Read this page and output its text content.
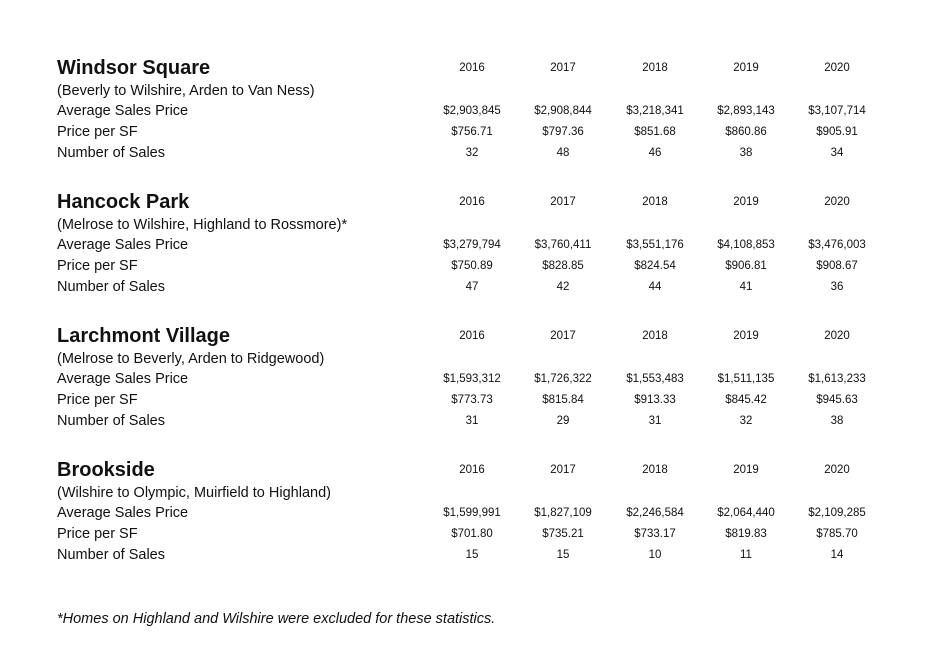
Windsor Square	2016	2017	2018	2019	2020
(Beverly to Wilshire, Arden to Van Ness)
Average Sales Price	$2,903,845	$2,908,844	$3,218,341	$2,893,143	$3,107,714
Price per SF	$756.71	$797.36	$851.68	$860.86	$905.91
Number of Sales	32	48	46	38	34
Hancock Park	2016	2017	2018	2019	2020
(Melrose to Wilshire, Highland to Rossmore)*
Average Sales Price	$3,279,794	$3,760,411	$3,551,176	$4,108,853	$3,476,003
Price per SF	$750.89	$828.85	$824.54	$906.81	$908.67
Number of Sales	47	42	44	41	36
Larchmont Village	2016	2017	2018	2019	2020
(Melrose to Beverly, Arden to Ridgewood)
Average Sales Price	$1,593,312	$1,726,322	$1,553,483	$1,511,135	$1,613,233
Price per SF	$773.73	$815.84	$913.33	$845.42	$945.63
Number of Sales	31	29	31	32	38
Brookside	2016	2017	2018	2019	2020
(Wilshire to Olympic, Muirfield to Highland)
Average Sales Price	$1,599,991	$1,827,109	$2,246,584	$2,064,440	$2,109,285
Price per SF	$701.80	$735.21	$733.17	$819.83	$785.70
Number of Sales	15	15	10	11	14
*Homes on Highland and Wilshire were excluded for these statistics.
